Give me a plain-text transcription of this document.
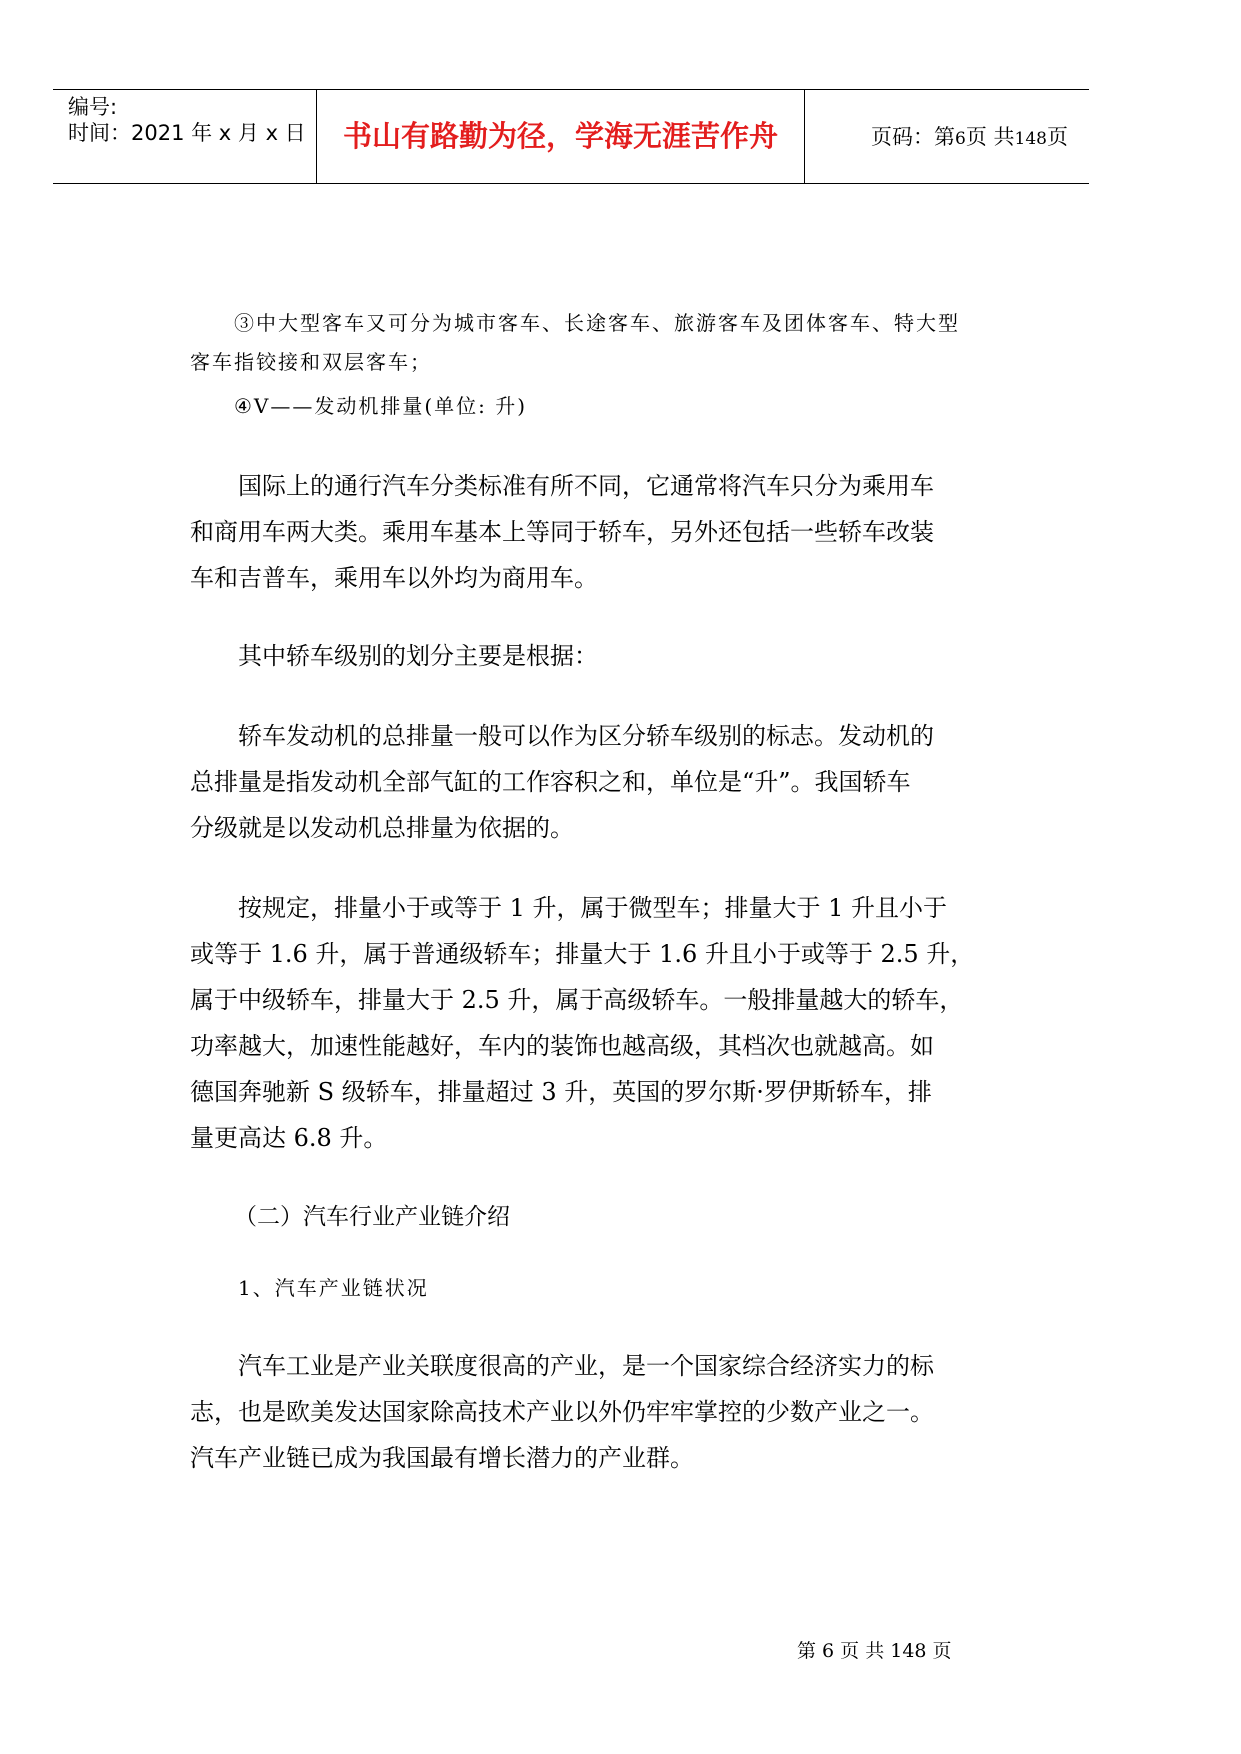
编号:
时间：2021 年 x 月 x 日	书山有路勤为径，学海无涯苦作舟	页码：第6页 共148页
③中大型客车又可分为城市客车、长途客车、旅游客车及团体客车、特大型
客车指铰接和双层客车；
④V——发动机排量(单位: 升)
国际上的通行汽车分类标准有所不同，它通常将汽车只分为乘用车
和商用车两大类。乘用车基本上等同于轿车，另外还包括一些轿车改装
车和吉普车，乘用车以外均为商用车。
其中轿车级别的划分主要是根据：
轿车发动机的总排量一般可以作为区分轿车级别的标志。发动机的
总排量是指发动机全部气缸的工作容积之和，单位是“升”。我国轿车
分级就是以发动机总排量为依据的。
按规定，排量小于或等于 1 升，属于微型车；排量大于 1 升且小于
或等于 1.6 升，属于普通级轿车；排量大于 1.6 升且小于或等于 2.5 升，
属于中级轿车，排量大于 2.5 升，属于高级轿车。一般排量越大的轿车，
功率越大，加速性能越好，车内的装饰也越高级，其档次也就越高。如
德国奔驰新 S 级轿车，排量超过 3 升，英国的罗尔斯·罗伊斯轿车，排
量更高达 6.8 升。
（二）汽车行业产业链介绍
1、汽车产业链状况
汽车工业是产业关联度很高的产业，是一个国家综合经济实力的标
志，也是欧美发达国家除高技术产业以外仍牢牢掌控的少数产业之一。
汽车产业链已成为我国最有增长潜力的产业群。
第 6 页 共 148 页
